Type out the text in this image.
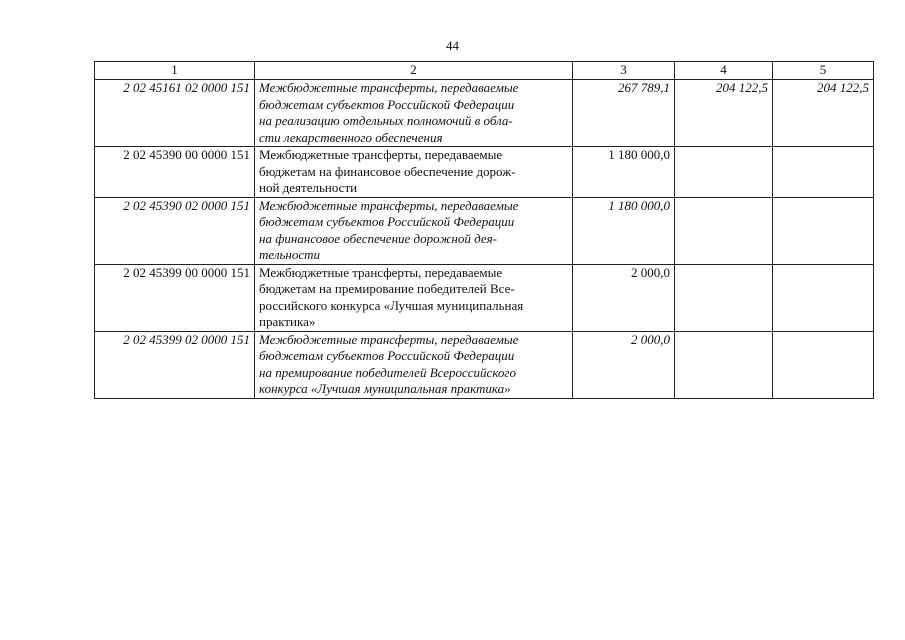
44
1	2	3	4	5
2 02 45161 02 0000 151	Межбюджетные трансферты, передаваемые
бюджетам субъектов Российской Федерации
на реализацию отдельных полномочий в обла-
сти лекарственного обеспечения	267 789,1	204 122,5	204 122,5
2 02 45390 00 0000 151	Межбюджетные трансферты, передаваемые
бюджетам на финансовое обеспечение дорож-
ной деятельности	1 180 000,0		
2 02 45390 02 0000 151	Межбюджетные трансферты, передаваемые
бюджетам субъектов Российской Федерации
на финансовое обеспечение дорожной дея-
тельности	1 180 000,0		
2 02 45399 00 0000 151	Межбюджетные трансферты, передаваемые
бюджетам на премирование победителей Все-
российского конкурса «Лучшая муниципальная
практика»	2 000,0		
2 02 45399 02 0000 151	Межбюджетные трансферты, передаваемые
бюджетам субъектов Российской Федерации
на премирование победителей Всероссийского
конкурса «Лучшая муниципальная практика»	2 000,0		
